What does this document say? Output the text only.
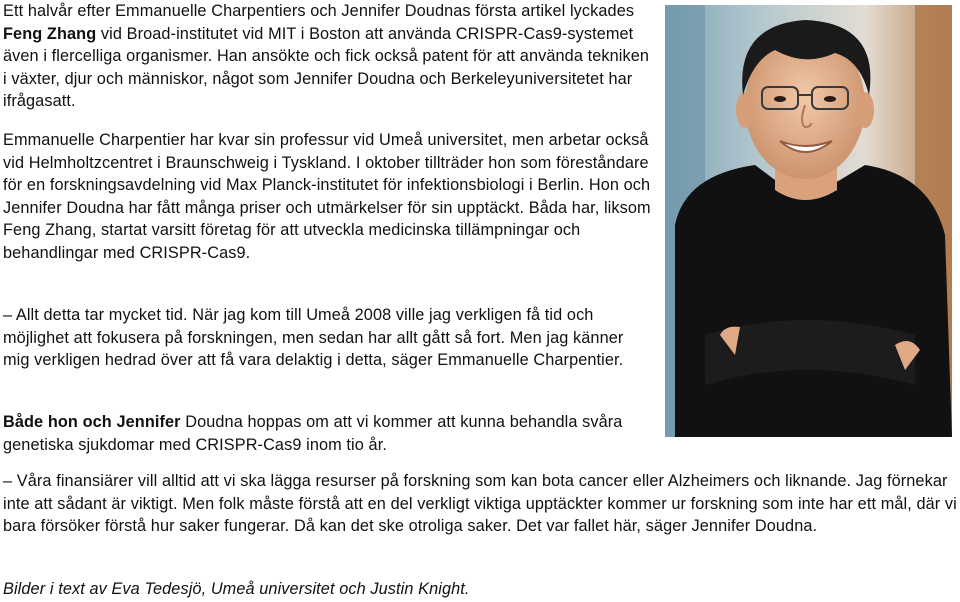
Ett halvår efter Emmanuelle Charpentiers och Jennifer Doudnas första artikel lyckades Feng Zhang vid Broad-institutet vid MIT i Boston att använda CRISPR-Cas9-systemet även i flercelliga organismer. Han ansökte och fick också patent för att använda tekniken i växter, djur och människor, något som Jennifer Doudna och Berkeleyuniversitetet har ifrågasatt.

Emmanuelle Charpentier har kvar sin professur vid Umeå universitet, men arbetar också vid Helmholtzcentret i Braunschweig i Tyskland. I oktober tillträder hon som föreståndare för en forskningsavdelning vid Max Planck-institutet för infektionsbiologi i Berlin. Hon och Jennifer Doudna har fått många priser och utmärkelser för sin upptäckt. Båda har, liksom Feng Zhang, startat varsitt företag för att utveckla medicinska tillämpningar och behandlingar med CRISPR-Cas9.

– Allt detta tar mycket tid. När jag kom till Umeå 2008 ville jag verkligen få tid och möjlighet att fokusera på forskningen, men sedan har allt gått så fort. Men jag känner mig verkligen hedrad över att få vara delaktig i detta, säger Emmanuelle Charpentier.

Både hon och Jennifer Doudna hoppas om att vi kommer att kunna behandla svåra genetiska sjukdomar med CRISPR-Cas9 inom tio år.

– Våra finansiärer vill alltid att vi ska lägga resurser på forskning som kan bota cancer eller Alzheimers och liknande. Jag förnekar inte att sådant är viktigt. Men folk måste förstå att en del verkligt viktiga upptäckter kommer ur forskning som inte har ett mål, där vi bara försöker förstå hur saker fungerar. Då kan det ske otroliga saker. Det var fallet här, säger Jennifer Doudna.

Bilder i text av Eva Tedesjö, Umeå universitet och Justin Knight.
